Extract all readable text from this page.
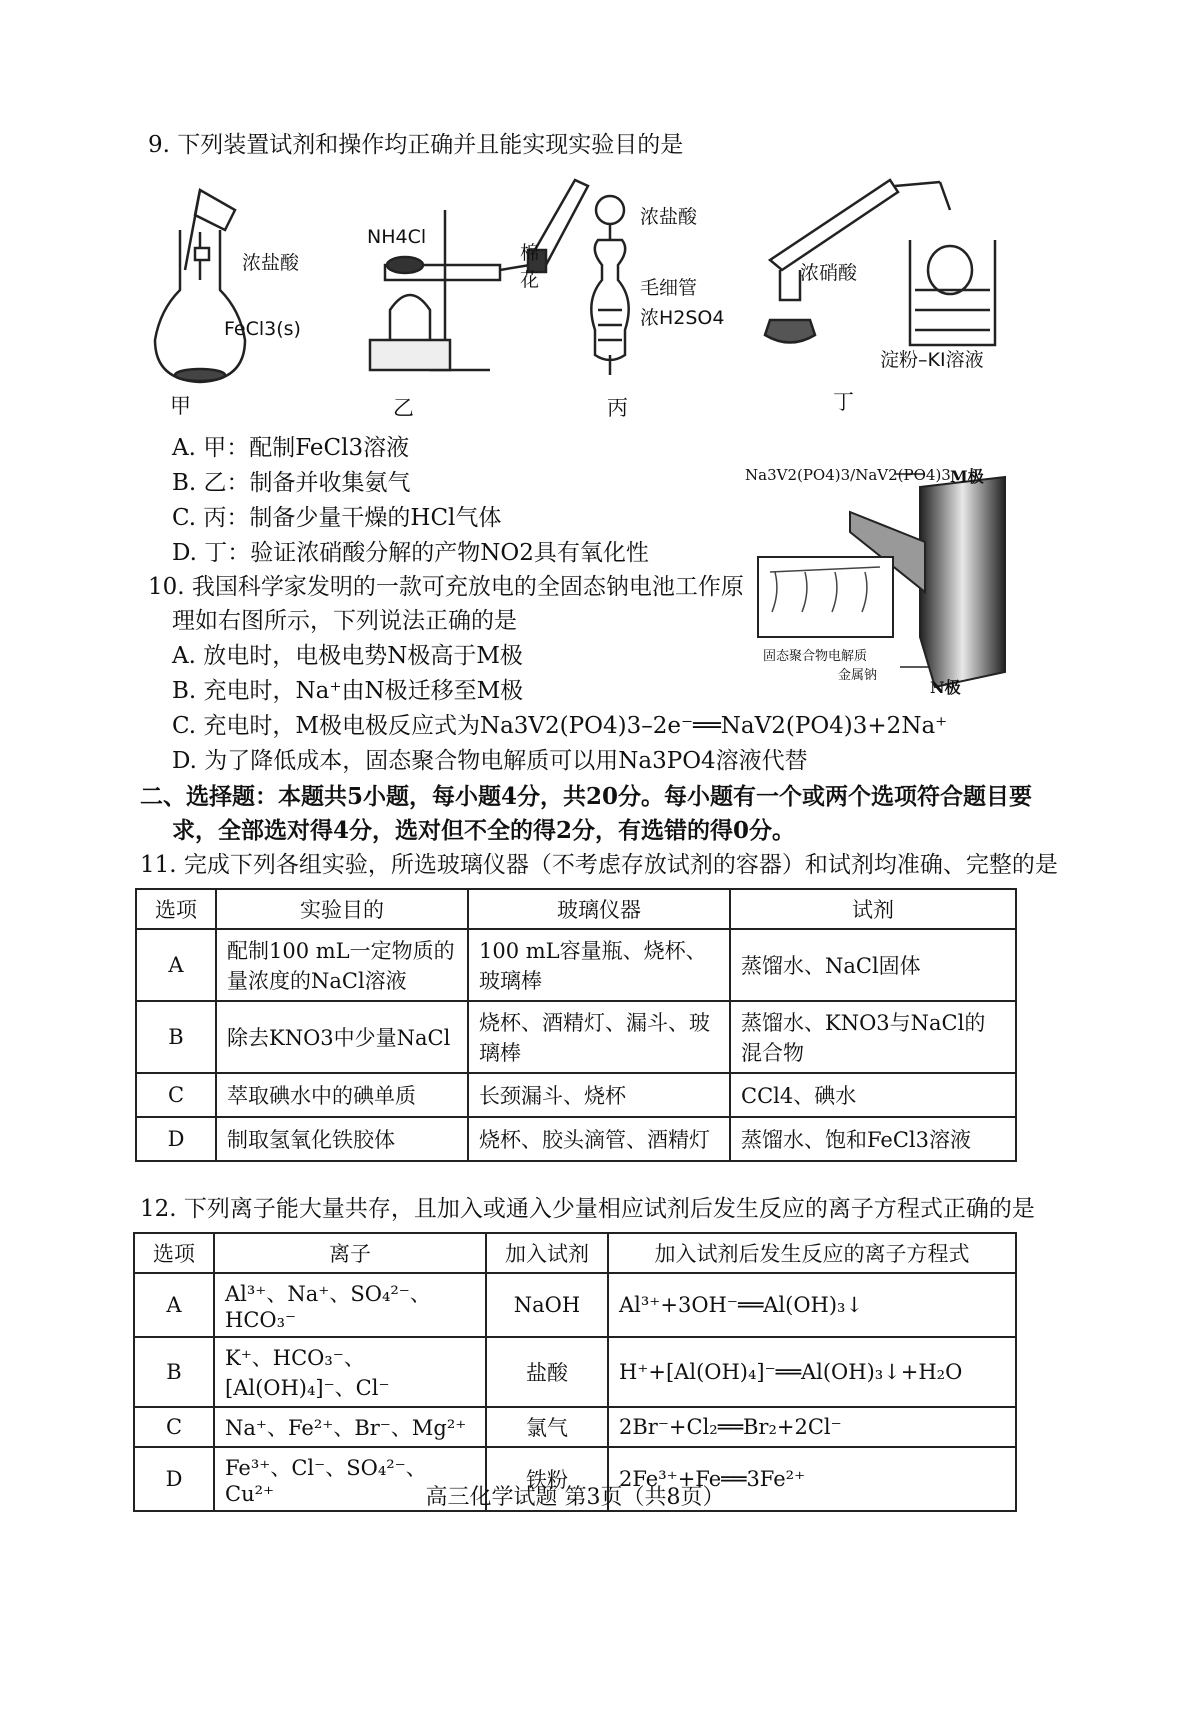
9. 下列装置试剂和操作均正确并且能实现实验目的是
浓盐酸
FeCl3(s)
NH4Cl
棉花
浓盐酸
毛细管
浓H2SO4
浓硝酸
淀粉–KI溶液
甲	乙	丙	丁
A. 甲：配制FeCl3溶液
B. 乙：制备并收集氨气
C. 丙：制备少量干燥的HCl气体
D. 丁：验证浓硝酸分解的产物NO2具有氧化性
Na3V2(PO4)3/NaV2(PO4)3 M极
固态聚合物电解质
金属钠
N极
10. 我国科学家发明的一款可充放电的全固态钠电池工作原
理如右图所示，下列说法正确的是
A. 放电时，电极电势N极高于M极
B. 充电时，Na⁺由N极迁移至M极
C. 充电时，M极电极反应式为Na3V2(PO4)3–2e⁻══NaV2(PO4)3+2Na⁺
D. 为了降低成本，固态聚合物电解质可以用Na3PO4溶液代替
二、选择题：本题共5小题，每小题4分，共20分。每小题有一个或两个选项符合题目要
求，全部选对得4分，选对但不全的得2分，有选错的得0分。
11. 完成下列各组实验，所选玻璃仪器（不考虑存放试剂的容器）和试剂均准确、完整的是
选项	实验目的	玻璃仪器	试剂
A	配制100 mL一定物质的量浓度的NaCl溶液	100 mL容量瓶、烧杯、玻璃棒	蒸馏水、NaCl固体
B	除去KNO3中少量NaCl	烧杯、酒精灯、漏斗、玻璃棒	蒸馏水、KNO3与NaCl的混合物
C	萃取碘水中的碘单质	长颈漏斗、烧杯	CCl4、碘水
D	制取氢氧化铁胶体	烧杯、胶头滴管、酒精灯	蒸馏水、饱和FeCl3溶液
12. 下列离子能大量共存，且加入或通入少量相应试剂后发生反应的离子方程式正确的是
选项	离子	加入试剂	加入试剂后发生反应的离子方程式
A	Al³⁺、Na⁺、SO₄²⁻、HCO₃⁻	NaOH	Al³⁺+3OH⁻══Al(OH)₃↓
B	K⁺、HCO₃⁻、[Al(OH)₄]⁻、Cl⁻	盐酸	H⁺+[Al(OH)₄]⁻══Al(OH)₃↓+H₂O
C	Na⁺、Fe²⁺、Br⁻、Mg²⁺	氯气	2Br⁻+Cl₂══Br₂+2Cl⁻
D	Fe³⁺、Cl⁻、SO₄²⁻、Cu²⁺	铁粉	2Fe³⁺+Fe══3Fe²⁺
高三化学试题 第3页（共8页）
